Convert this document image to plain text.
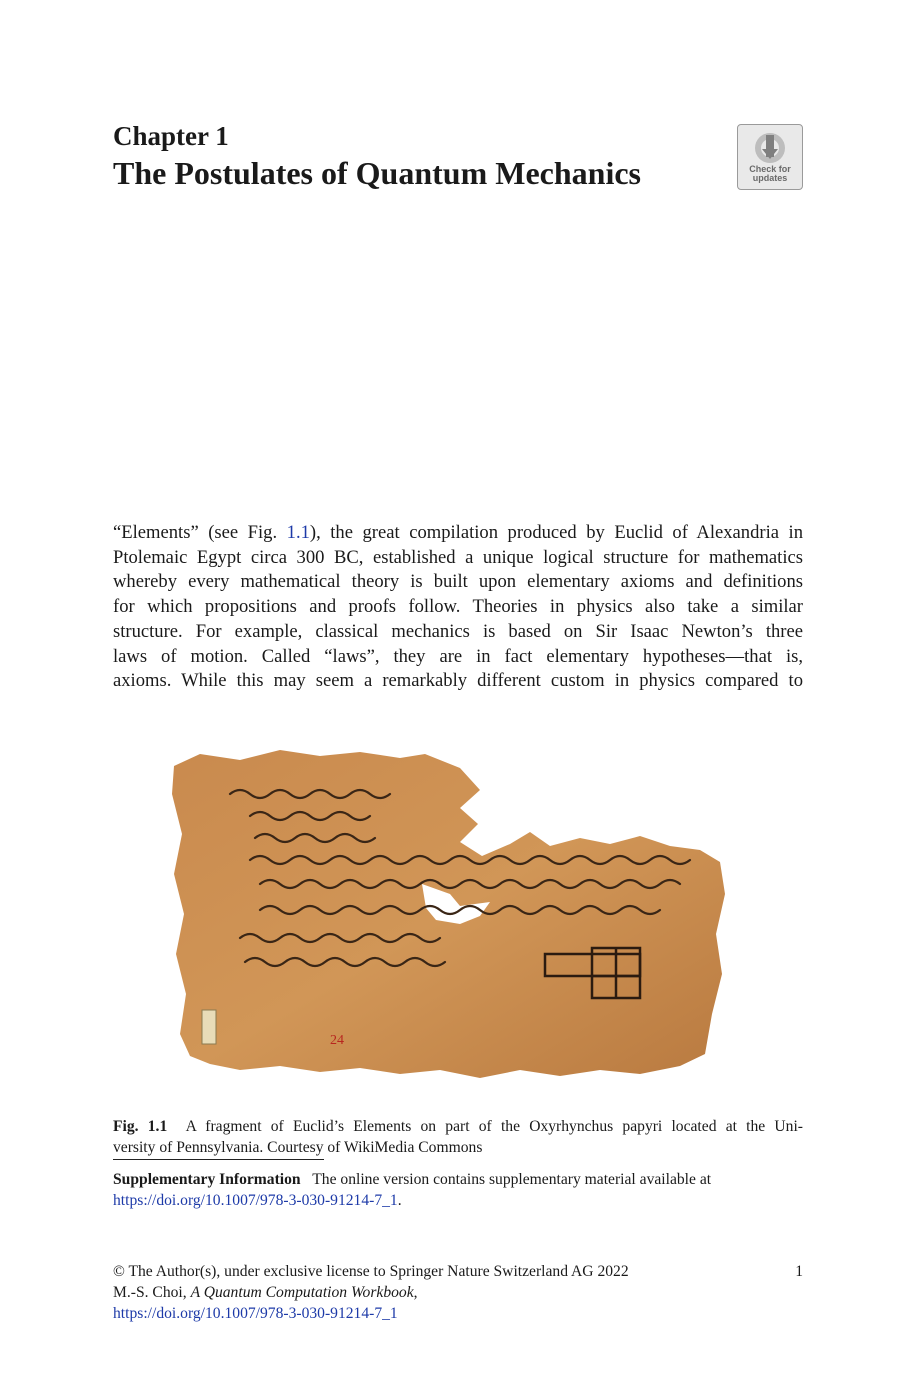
Chapter 1
The Postulates of Quantum Mechanics	Check for
updates
“Elements” (see Fig. 1.1), the great compilation produced by Euclid of Alexandria in
Ptolemaic Egypt circa 300 BC, established a unique logical structure for mathematics
whereby every mathematical theory is built upon elementary axioms and definitions
for which propositions and proofs follow. Theories in physics also take a similar
structure. For example, classical mechanics is based on Sir Isaac Newton’s three
laws of motion. Called “laws”, they are in fact elementary hypotheses—that is,
axioms. While this may seem a remarkably different custom in physics compared to
24
Fig. 1.1 A fragment of Euclid’s Elements on part of the Oxyrhynchus papyri located at the Uni-
versity of Pennsylvania. Courtesy of WikiMedia Commons
Supplementary Information The online version contains supplementary material available at
https://doi.org/10.1007/978-3-030-91214-7_1.
© The Author(s), under exclusive license to Springer Nature Switzerland AG 2022
M.-S. Choi, A Quantum Computation Workbook,
https://doi.org/10.1007/978-3-030-91214-7_1
1
